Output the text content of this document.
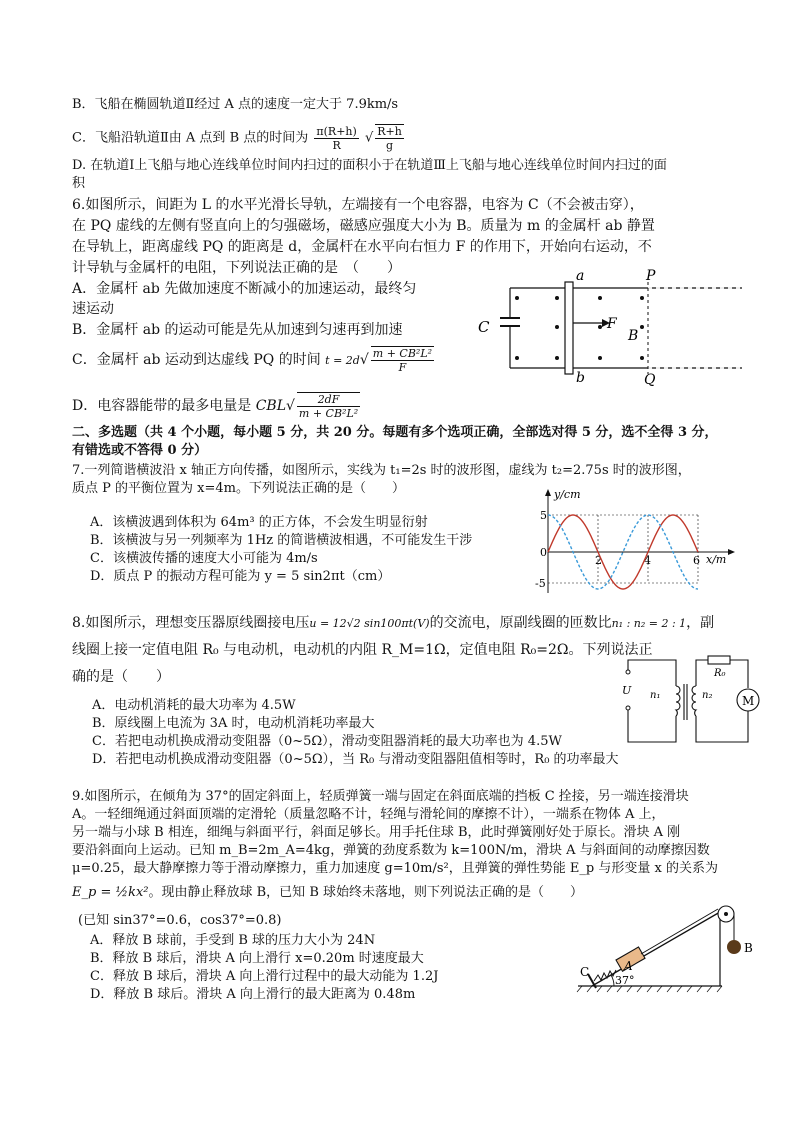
B．飞船在椭圆轨道Ⅱ经过 A 点的速度一定大于 7.9km/s
C．飞船沿轨道Ⅱ由 A 点到 B 点的时间为 $\frac{\pi(R+h)}{R}$ √ $\frac{R+h}{g}$
D. 在轨道Ⅰ上飞船与地心连线单位时间内扫过的面积小于在轨道Ⅲ上飞船与地心连线单位时间内扫过的面
积
6.如图所示，间距为 L 的水平光滑长导轨，左端接有一个电容器，电容为 C（不会被击穿），
在 PQ 虚线的左侧有竖直向上的匀强磁场，磁感应强度大小为 B。质量为 m 的金属杆 ab 静置
在导轨上，距离虚线 PQ 的距离是 d，金属杆在水平向右恒力 F 的作用下，开始向右运动，不
计导轨与金属杆的电阻，下列说法正确的是　（　　）
A．金属杆 ab 先做加速度不断减小的加速运动，最终匀
速运动
B．金属杆 ab 的运动可能是先从加速到匀速再到加速
C．金属杆 ab 运动到达虚线 PQ 的时间 $t = 2d√ \frac{\text{m + CB²L²}}{F}$
D．电容器能带的最多电量是 $CBL√ \frac{2dF}{\text{m + CB²L²}}$
C
P
Q
a
b
F
B
二、多选题（共 4 个小题，每小题 5 分，共 20 分。每题有多个选项正确，全部选对得 5 分，选不全得 3 分，
有错选或不答得 0 分）
7.一列简谐横波沿 x 轴正方向传播，如图所示，实线为 t₁=2s 时的波形图，虚线为 t₂=2.75s 时的波形图，
质点 P 的平衡位置为 x=4m。下列说法正确的是（　　）
A．该横波遇到体积为 64m³ 的正方体，不会发生明显衍射
B．该横波与另一列频率为 1Hz 的简谐横波相遇，不可能发生干涉
C．该横波传播的速度大小可能为 4m/s
D．质点 P 的振动方程可能为 y = 5 sin2πt（cm）
y/cm
x/m
0
5
-5
2	4	6
8.如图所示，理想变压器原线圈接电压u = 12√2 sin100πt(V)的交流电，原副线圈的匝数比n₁ : n₂ = 2 : 1，副
线圈上接一定值电阻 R₀ 与电动机，电动机的内阻 R_M=1Ω，定值电阻 R₀=2Ω。下列说法正
确的是（　　）
A．电动机消耗的最大功率为 4.5W
B．原线圈上电流为 3A 时，电动机消耗功率最大
C．若把电动机换成滑动变阻器（0~5Ω），滑动变阻器消耗的最大功率也为 4.5W
D．若把电动机换成滑动变阻器（0~5Ω），当 R₀ 与滑动变阻器阻值相等时，R₀ 的功率最大
U n₁	n₂
R₀
M
9.如图所示，在倾角为 37°的固定斜面上，轻质弹簧一端与固定在斜面底端的挡板 C 拴接，另一端连接滑块
A。一轻细绳通过斜面顶端的定滑轮（质量忽略不计，轻绳与滑轮间的摩擦不计），一端系在物体 A 上，
另一端与小球 B 相连，细绳与斜面平行，斜面足够长。用手托住球 B，此时弹簧刚好处于原长。滑块 A 刚
要沿斜面向上运动。已知 m_B=2m_A=4kg，弹簧的劲度系数为 k=100N/m，滑块 A 与斜面间的动摩擦因数
μ=0.25，最大静摩擦力等于滑动摩擦力，重力加速度 g=10m/s²，且弹簧的弹性势能 E_p 与形变量 x 的关系为
E_p = ½kx²。现由静止释放球 B，已知 B 球始终未落地，则下列说法正确的是（　　）
(已知 sin37°=0.6，cos37°=0.8)
A．释放 B 球前，手受到 B 球的压力大小为 24N
B．释放 B 球后，滑块 A 向上滑行 x=0.20m 时速度最大
C．释放 B 球后，滑块 A 向上滑行过程中的最大动能为 1.2J
D．释放 B 球后。滑块 A 向上滑行的最大距离为 0.48m
C	A
B
37°
